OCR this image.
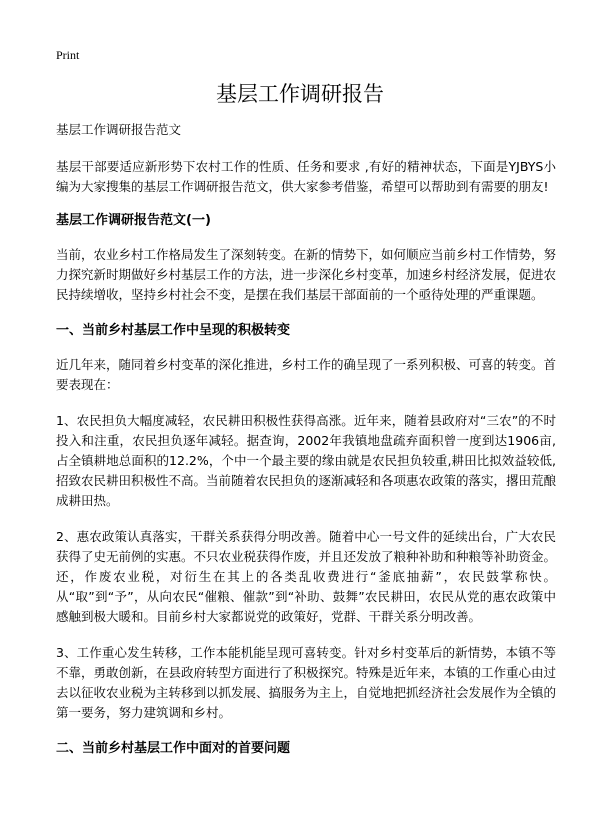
Print
基层工作调研报告

基层工作调研报告范文

基层干部要适应新形势下农村工作的性质、任务和要求 ,有好的精神状态，下面是YJBYS小编为大家搜集的基层工作调研报告范文，供大家参考借鉴，希望可以帮助到有需要的朋友!

基层工作调研报告范文(一)

当前，农业乡村工作格局发生了深刻转变。在新的情势下，如何顺应当前乡村工作情势，努力探究新时期做好乡村基层工作的方法，进一步深化乡村变革，加速乡村经济发展，促进农民持续增收，坚持乡村社会不变，是摆在我们基层干部面前的一个亟待处理的严重课题。

一、当前乡村基层工作中呈现的积极转变

近几年来，随同着乡村变革的深化推进，乡村工作的确呈现了一系列积极、可喜的转变。首要表现在：

1、农民担负大幅度减轻，农民耕田积极性获得高涨。近年来，随着县政府对“三农”的不时投入和注重，农民担负逐年减轻。据查询，2002年我镇地盘疏弃面积曾一度到达1906亩,占全镇耕地总面积的12.2%，个中一个最主要的缘由就是农民担负较重,耕田比拟效益较低,招致农民耕田积极性不高。当前随着农民担负的逐渐减轻和各项惠农政策的落实，撂田荒酿成耕田热。

2、惠农政策认真落实，干群关系获得分明改善。随着中心一号文件的延续出台，广大农民获得了史无前例的实惠。不只农业税获得作废，并且还发放了粮种补助和种粮等补助资金。还，作废农业税，对衍生在其上的各类乱收费进行“釜底抽薪”，农民鼓掌称快。从“取”到“予”，从向农民“催粮、催款”到“补助、鼓舞”农民耕田，农民从党的惠农政策中感触到极大暖和。目前乡村大家都说党的政策好，党群、干群关系分明改善。

3、工作重心发生转移，工作本能机能呈现可喜转变。针对乡村变革后的新情势，本镇不等不靠，勇敢创新，在县政府转型方面进行了积极探究。特殊是近年来，本镇的工作重心由过去以征收农业税为主转移到以抓发展、搞服务为主上，自觉地把抓经济社会发展作为全镇的第一要务，努力建筑调和乡村。

二、当前乡村基层工作中面对的首要问题
